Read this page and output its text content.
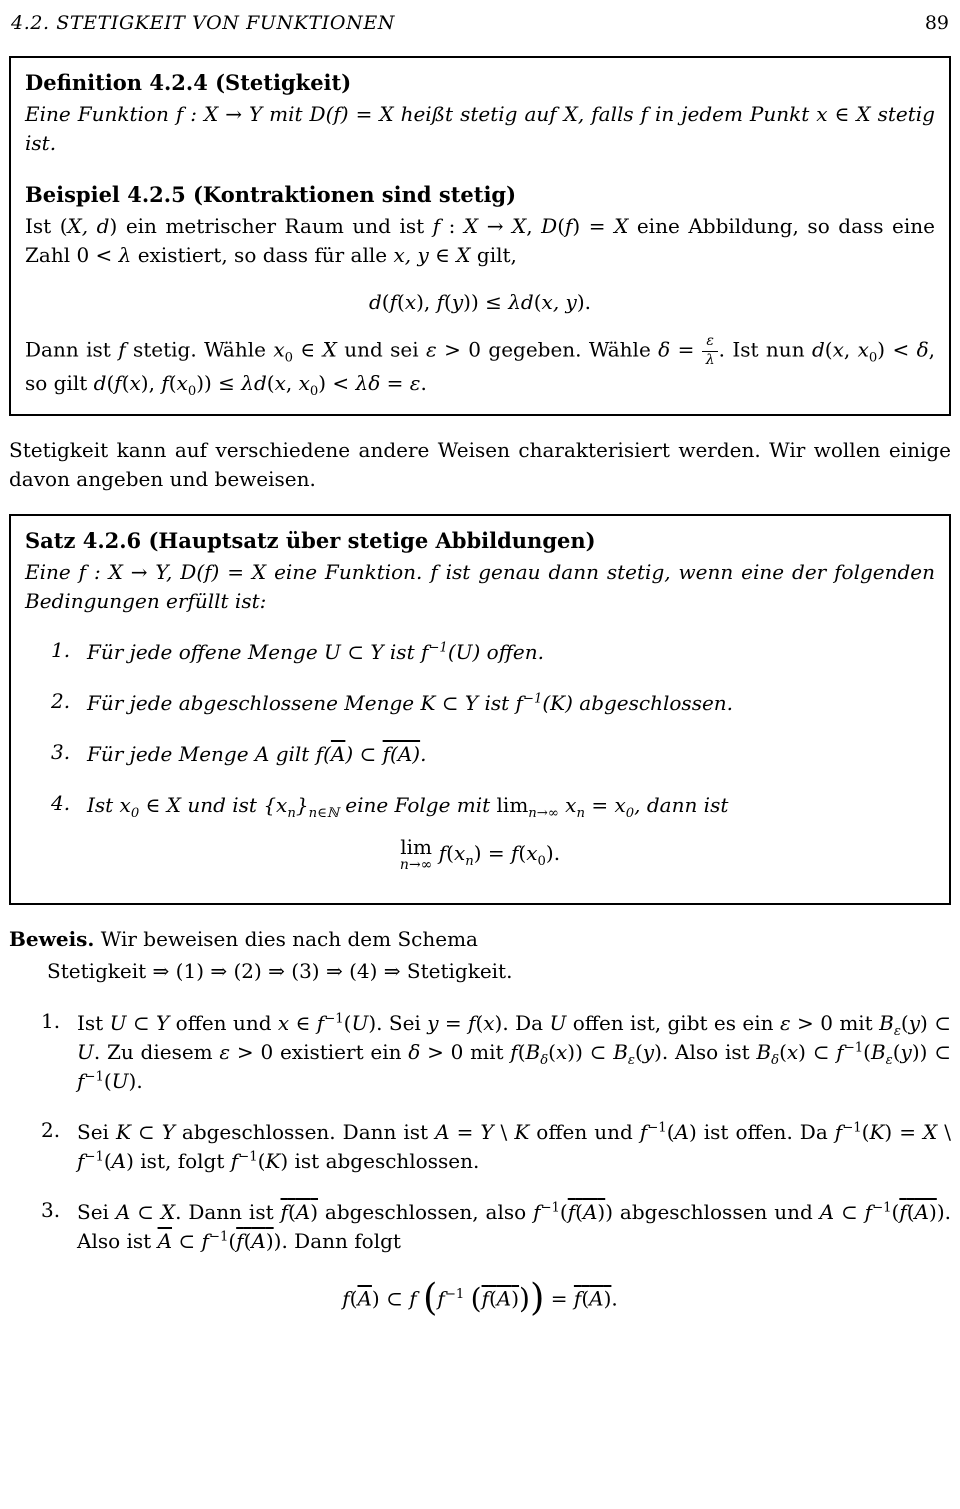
4.2. STETIGKEIT VON FUNKTIONEN	89
Definition 4.2.4 (Stetigkeit)
Eine Funktion f : X → Y mit D(f) = X heißt stetig auf X, falls f in jedem Punkt x ∈ X stetig ist.
Beispiel 4.2.5 (Kontraktionen sind stetig)
Ist (X, d) ein metrischer Raum und ist f : X → X, D(f) = X eine Abbildung, so dass eine Zahl 0 < λ existiert, so dass für alle x, y ∈ X gilt,
d(f(x), f(y)) ≤ λd(x, y).
Dann ist f stetig. Wähle $x_0$ ∈ X und sei ε > 0 gegeben. Wähle $\delta = \frac{\varepsilon}{\lambda}$ . Ist nun d(x, $x_0) < \delta$, so gilt d(f(x), $f(x_0)) \le \lambda d(x$, $x_0) < \lambda\delta = \varepsilon$.

Stetigkeit kann auf verschiedene andere Weisen charakterisiert werden. Wir wollen einige davon angeben und beweisen.

Satz 4.2.6 (Hauptsatz über stetige Abbildungen)
Eine f : X → Y, D(f) = X eine Funktion. f ist genau dann stetig, wenn eine der folgenden Bedingungen erfüllt ist:
1. Für jede offene Menge U ⊂ Y ist $f^{-1}(U)$ offen.
2. Für jede abgeschlossene Menge K ⊂ Y ist $f^{-1}(K)$ abgeschlossen.
3. Für jede Menge A gilt $f(\overline{A})$ ⊂ f(A).
4. Ist $x_0$ ∈ X und ist $\{x_n\}_{n\in ℕ}$ eine Folge mit $\lim_{n\to\infty} x_n = x_0$, dann ist
lim
n→∞ $f(x_n) = f(x_0)$.

Beweis. Wir beweisen dies nach dem Schema

Stetigkeit ⇒ (1) ⇒ (2) ⇒ (3) ⇒ (4) ⇒ Stetigkeit.
1. Ist U ⊂ Y offen und x ∈ $f^{-1}(U)$. Sei y = f(x). Da U offen ist, gibt es ein ε > 0 mit $B_\varepsilon(y)$ ⊂ U. Zu diesem ε > 0 existiert ein δ > 0 mit $f(B_\delta(x))$ ⊂ $B_\varepsilon(y)$. Also ist $B_\delta(x)$ ⊂ $f^{-1}(B_\varepsilon(y))$ ⊂ $f^{-1}(U)$.
2. Sei K ⊂ Y abgeschlossen. Dann ist A = Y \ K offen und $f^{-1}(A)$ ist offen. Da $f^{-1}(K) = X$ \ $f^{-1}(A)$ ist, folgt $f^{-1}(K)$ ist abgeschlossen.
3. Sei A ⊂ X. Dann ist f(A) abgeschlossen, also $f^{-1}(f(A))$ abgeschlossen und A ⊂ $f^{-1}(f(A))$. Also ist $\overline{A}$ ⊂ $f^{-1}(f(A))$. Dann folgt
$f(\overline{A})$ ⊂ f ($f^{-1}$ (f(A))) = f(A).
